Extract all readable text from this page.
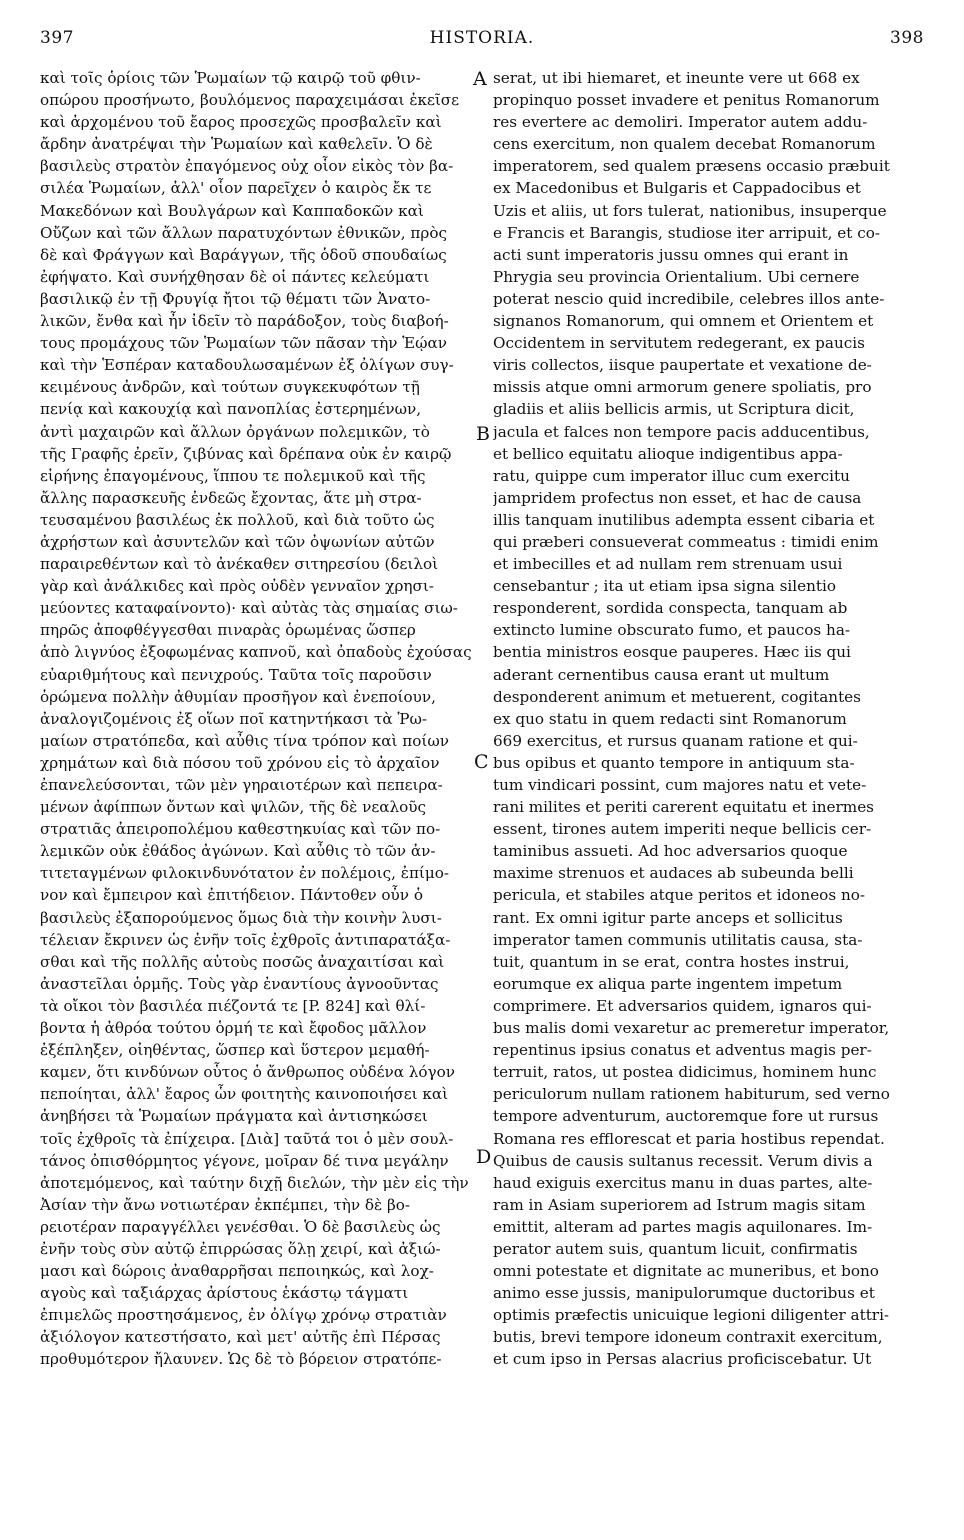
397	HISTORIA.	398
A
B
C
D
καὶ τοῖς ὁρίοις τῶν Ῥωμαίων τῷ καιρῷ τοῦ φθιν-
οπώρου προσήνωτο, βουλόμενος παραχειμάσαι ἐκεῖσε
καὶ ἀρχομένου τοῦ ἔαρος προσεχῶς προσβαλεῖν καὶ
ἄρδην ἀνατρέψαι τὴν Ῥωμαίων καὶ καθελεῖν. Ὁ δὲ
βασιλεὺς στρατὸν ἐπαγόμενος οὐχ οἷον εἰκὸς τὸν βα-
σιλέα Ῥωμαίων, ἀλλ' οἷον παρεῖχεν ὁ καιρὸς ἔκ τε
Μακεδόνων καὶ Βουλγάρων καὶ Καππαδοκῶν καὶ
Οὔζων καὶ τῶν ἄλλων παρατυχόντων ἐθνικῶν, πρὸς
δὲ καὶ Φράγγων καὶ Βαράγγων, τῆς ὁδοῦ σπουδαίως
ἐφήψατο. Καὶ συνήχθησαν δὲ οἱ πάντες κελεύματι
βασιλικῷ ἐν τῇ Φρυγίᾳ ἤτοι τῷ θέματι τῶν Ἀνατο-
λικῶν, ἔνθα καὶ ἦν ἰδεῖν τὸ παράδοξον, τοὺς διαβοή-
τους προμάχους τῶν Ῥωμαίων τῶν πᾶσαν τὴν Ἑῴαν
καὶ τὴν Ἑσπέραν καταδουλωσαμένων ἐξ ὀλίγων συγ-
κειμένους ἀνδρῶν, καὶ τούτων συγκεκυφότων τῇ
πενίᾳ καὶ κακουχίᾳ καὶ πανοπλίας ἐστερημένων,
ἀντὶ μαχαιρῶν καὶ ἄλλων ὀργάνων πολεμικῶν, τὸ
τῆς Γραφῆς ἐρεῖν, ζιβύνας καὶ δρέπανα οὐκ ἐν καιρῷ
εἰρήνης ἐπαγομένους, ἵππου τε πολεμικοῦ καὶ τῆς
ἄλλης παρασκευῆς ἐνδεῶς ἔχοντας, ἅτε μὴ στρα-
τευσαμένου βασιλέως ἐκ πολλοῦ, καὶ διὰ τοῦτο ὡς
ἀχρήστων καὶ ἀσυντελῶν καὶ τῶν ὀψωνίων αὐτῶν
παραιρεθέντων καὶ τὸ ἀνέκαθεν σιτηρεσίου (δειλοὶ
γὰρ καὶ ἀνάλκιδες καὶ πρὸς οὐδὲν γενναῖον χρησι-
μεύοντες καταφαίνοντο)· καὶ αὐτὰς τὰς σημαίας σιω-
πηρῶς ἀποφθέγγεσθαι πιναρὰς ὁρωμένας ὥσπερ
ἀπὸ λιγνύος ἐξοφωμένας καπνοῦ, καὶ ὀπαδοὺς ἐχούσας
εὐαριθμήτους καὶ πενιχρούς. Ταῦτα τοῖς παροῦσιν
ὁρώμενα πολλὴν ἀθυμίαν προσῆγον καὶ ἐνεποίουν,
ἀναλογιζομένοις ἐξ οἵων ποῖ κατηντήκασι τὰ Ῥω-
μαίων στρατόπεδα, καὶ αὖθις τίνα τρόπον καὶ ποίων
χρημάτων καὶ διὰ πόσου τοῦ χρόνου εἰς τὸ ἀρχαῖον
ἐπανελεύσονται, τῶν μὲν γηραιοτέρων καὶ πεπειρα-
μένων ἀφίππων ὄντων καὶ ψιλῶν, τῆς δὲ νεαλοῦς
στρατιᾶς ἀπειροπολέμου καθεστηκυίας καὶ τῶν πο-
λεμικῶν οὐκ ἐθάδος ἀγώνων. Καὶ αὖθις τὸ τῶν ἀν-
τιτεταγμένων φιλοκινδυνότατον ἐν πολέμοις, ἐπίμο-
νον καὶ ἔμπειρον καὶ ἐπιτήδειον. Πάντοθεν οὖν ὁ
βασιλεὺς ἐξαπορούμενος ὅμως διὰ τὴν κοινὴν λυσι-
τέλειαν ἔκρινεν ὡς ἐνῆν τοῖς ἐχθροῖς ἀντιπαρατάξα-
σθαι καὶ τῆς πολλῆς αὐτοὺς ποσῶς ἀναχαιτίσαι καὶ
ἀναστεῖλαι ὁρμῆς. Τοὺς γὰρ ἐναντίους ἀγνοοῦντας
τὰ οἴκοι τὸν βασιλέα πιέζοντά τε [P. 824] καὶ θλί-
βοντα ἡ ἀθρόα τούτου ὁρμή τε καὶ ἔφοδος μᾶλλον
ἐξέπληξεν, οἰηθέντας, ὥσπερ καὶ ὕστερον μεμαθή-
καμεν, ὅτι κινδύνων οὗτος ὁ ἄνθρωπος οὐδένα λόγον
πεποίηται, ἀλλ' ἔαρος ὧν φοιτητὴς καινοποιήσει καὶ
ἀνηβήσει τὰ Ῥωμαίων πράγματα καὶ ἀντισηκώσει
τοῖς ἐχθροῖς τὰ ἐπίχειρα. [Διὰ] ταῦτά τοι ὁ μὲν σουλ-
τάνος ὀπισθόρμητος γέγονε, μοῖραν δέ τινα μεγάλην
ἀποτεμόμενος, καὶ ταύτην διχῇ διελών, τὴν μὲν εἰς τὴν
Ἀσίαν τὴν ἄνω νοτιωτέραν ἐκπέμπει, τὴν δὲ βο-
ρειοτέραν παραγγέλλει γενέσθαι. Ὁ δὲ βασιλεὺς ὡς
ἐνῆν τοὺς σὺν αὐτῷ ἐπιρρώσας ὅλῃ χειρί, καὶ ἀξιώ-
μασι καὶ δώροις ἀναθαρρῆσαι πεποιηκώς, καὶ λοχ-
αγοὺς καὶ ταξιάρχας ἀρίστους ἑκάστῳ τάγματι
ἐπιμελῶς προστησάμενος, ἐν ὀλίγῳ χρόνῳ στρατιὰν
ἀξιόλογον κατεστήσατο, καὶ μετ' αὐτῆς ἐπὶ Πέρσας
προθυμότερον ἤλαυνεν. Ὡς δὲ τὸ βόρειον στρατόπε-
serat, ut ibi hiemaret, et ineunte vere ut 668 ex
propinquo posset invadere et penitus Romanorum
res evertere ac demoliri. Imperator autem addu-
cens exercitum, non qualem decebat Romanorum
imperatorem, sed qualem præsens occasio præbuit
ex Macedonibus et Bulgaris et Cappadocibus et
Uzis et aliis, ut fors tulerat, nationibus, insuperque
e Francis et Barangis, studiose iter arripuit, et co-
acti sunt imperatoris jussu omnes qui erant in
Phrygia seu provincia Orientalium. Ubi cernere
poterat nescio quid incredibile, celebres illos ante-
signanos Romanorum, qui omnem et Orientem et
Occidentem in servitutem redegerant, ex paucis
viris collectos, iisque paupertate et vexatione de-
missis atque omni armorum genere spoliatis, pro
gladiis et aliis bellicis armis, ut Scriptura dicit,
jacula et falces non tempore pacis adducentibus,
et bellico equitatu alioque indigentibus appa-
ratu, quippe cum imperator illuc cum exercitu
jampridem profectus non esset, et hac de causa
illis tanquam inutilibus adempta essent cibaria et
qui præberi consueverat commeatus : timidi enim
et imbecilles et ad nullam rem strenuam usui
censebantur ; ita ut etiam ipsa signa silentio
responderent, sordida conspecta, tanquam ab
extincto lumine obscurato fumo, et paucos ha-
bentia ministros eosque pauperes. Hæc iis qui
aderant cernentibus causa erant ut multum
desponderent animum et metuerent, cogitantes
ex quo statu in quem redacti sint Romanorum
669 exercitus, et rursus quanam ratione et qui-
bus opibus et quanto tempore in antiquum sta-
tum vindicari possint, cum majores natu et vete-
rani milites et periti carerent equitatu et inermes
essent, tirones autem imperiti neque bellicis cer-
taminibus assueti. Ad hoc adversarios quoque
maxime strenuos et audaces ab subeunda belli
pericula, et stabiles atque peritos et idoneos no-
rant. Ex omni igitur parte anceps et sollicitus
imperator tamen communis utilitatis causa, sta-
tuit, quantum in se erat, contra hostes instrui,
eorumque ex aliqua parte ingentem impetum
comprimere. Et adversarios quidem, ignaros qui-
bus malis domi vexaretur ac premeretur imperator,
repentinus ipsius conatus et adventus magis per-
terruit, ratos, ut postea didicimus, hominem hunc
periculorum nullam rationem habiturum, sed verno
tempore adventurum, auctoremque fore ut rursus
Romana res efflorescat et paria hostibus rependat.
Quibus de causis sultanus recessit. Verum divis a
haud exiguis exercitus manu in duas partes, alte-
ram in Asiam superiorem ad Istrum magis sitam
emittit, alteram ad partes magis aquilonares. Im-
perator autem suis, quantum licuit, confirmatis
omni potestate et dignitate ac muneribus, et bono
animo esse jussis, manipulorumque ductoribus et
optimis præfectis unicuique legioni diligenter attri-
butis, brevi tempore idoneum contraxit exercitum,
et cum ipso in Persas alacrius proficiscebatur. Ut
